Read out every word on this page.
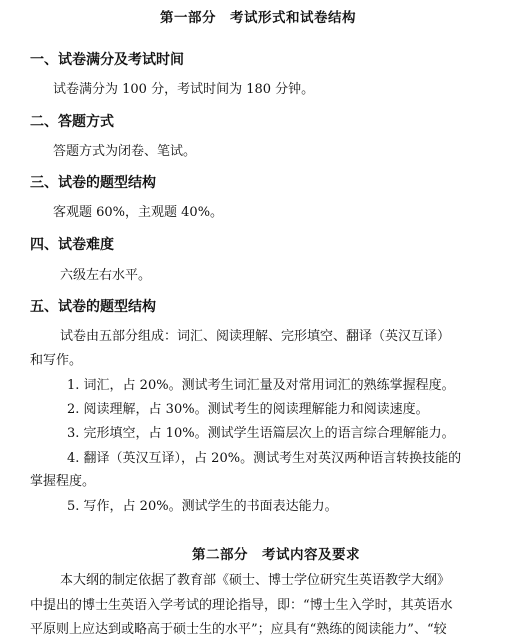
第一部分　考试形式和试卷结构
一、试卷满分及考试时间
试卷满分为 100 分，考试时间为 180 分钟。
二、答题方式
答题方式为闭卷、笔试。
三、试卷的题型结构
客观题 60%，主观题 40%。
四、试卷难度
六级左右水平。
五、试卷的题型结构
试卷由五部分组成：词汇、阅读理解、完形填空、翻译（英汉互译）
和写作。
1. 词汇，占 20%。测试考生词汇量及对常用词汇的熟练掌握程度。
2. 阅读理解，占 30%。测试考生的阅读理解能力和阅读速度。
3. 完形填空，占 10%。测试学生语篇层次上的语言综合理解能力。
4. 翻译（英汉互译），占 20%。测试考生对英汉两种语言转换技能的
掌握程度。
5. 写作，占 20%。测试学生的书面表达能力。
第二部分　考试内容及要求
本大纲的制定依据了教育部《硕士、博士学位研究生英语教学大纲》
中提出的博士生英语入学考试的理论指导，即：“博士生入学时，其英语水
平原则上应达到或略高于硕士生的水平”；应具有“熟练的阅读能力”、“较
